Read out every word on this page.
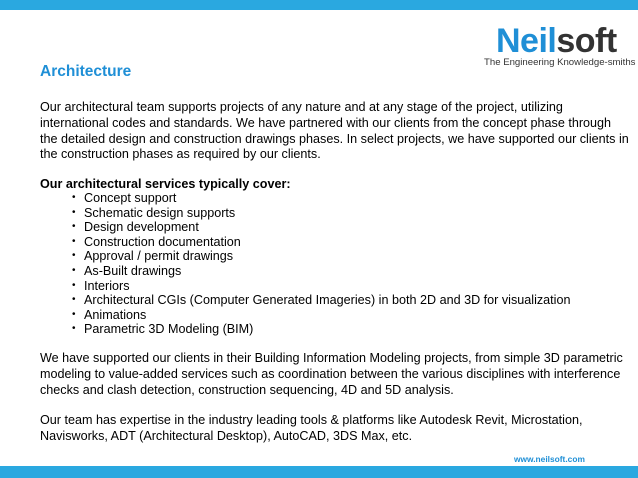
Neilsoft
The Engineering Knowledge-smiths
Architecture
Our architectural team supports projects of any nature and at any stage of the project, utilizing international codes and standards. We have partnered with our clients from the concept phase through the detailed design and construction drawings phases. In select projects, we have supported our clients in the construction phases as required by our clients.
Our architectural services typically cover:
• Concept support
• Schematic design supports
• Design development
• Construction documentation
• Approval / permit drawings
• As-Built drawings
• Interiors
• Architectural CGIs (Computer Generated Imageries) in both 2D and 3D for visualization
• Animations
• Parametric 3D Modeling (BIM)
We have supported our clients in their Building Information Modeling projects, from simple 3D parametric modeling to value-added services such as coordination between the various disciplines with interference checks and clash detection, construction sequencing, 4D and 5D analysis.
Our team has expertise in the industry leading tools & platforms like Autodesk Revit, Microstation, Navisworks, ADT (Architectural Desktop), AutoCAD, 3DS Max, etc.
www.neilsoft.com
